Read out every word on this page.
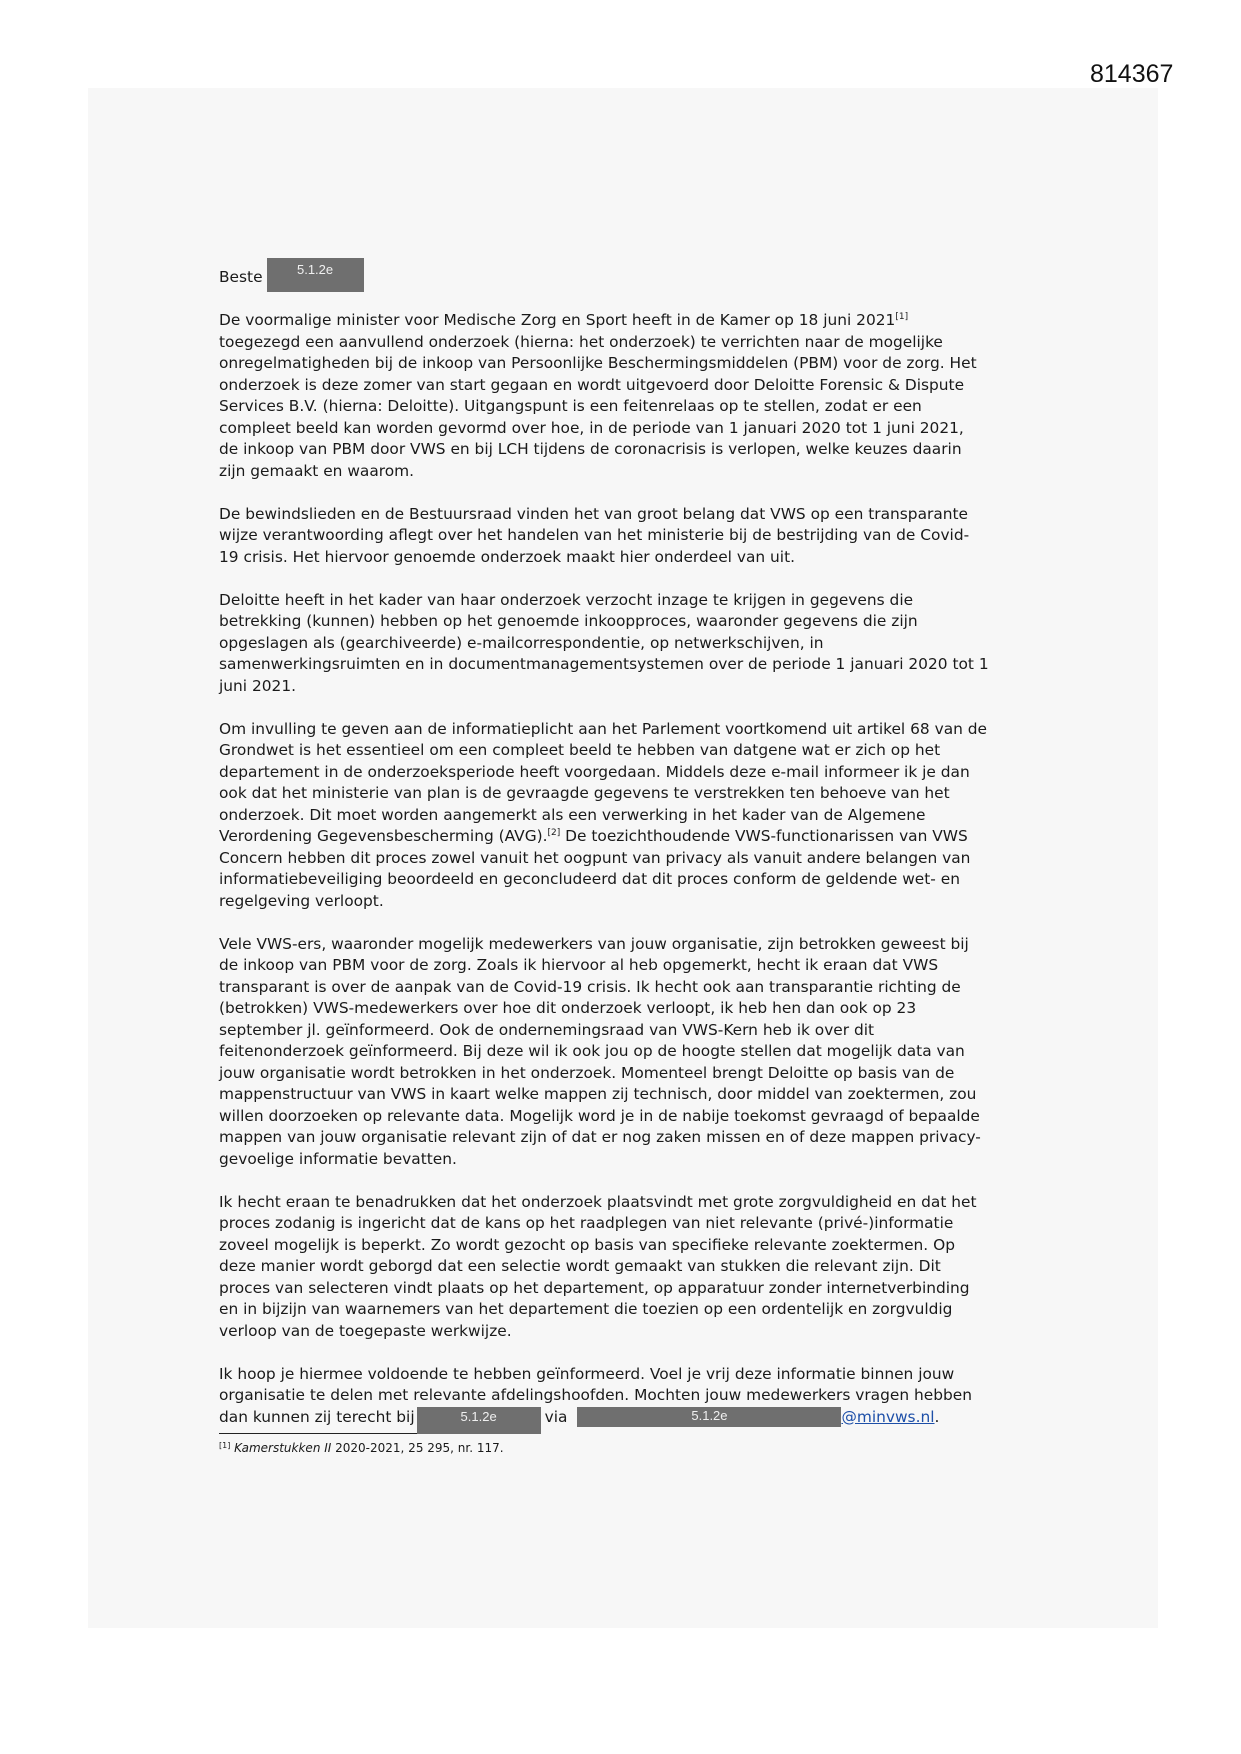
814367
Beste	5.1.2e

De voormalige minister voor Medische Zorg en Sport heeft in de Kamer op 18 juni 2021[1]
toegezegd een aanvullend onderzoek (hierna: het onderzoek) te verrichten naar de mogelijke
onregelmatigheden bij de inkoop van Persoonlijke Beschermingsmiddelen (PBM) voor de zorg. Het
onderzoek is deze zomer van start gegaan en wordt uitgevoerd door Deloitte Forensic & Dispute
Services B.V. (hierna: Deloitte). Uitgangspunt is een feitenrelaas op te stellen, zodat er een
compleet beeld kan worden gevormd over hoe, in de periode van 1 januari 2020 tot 1 juni 2021,
de inkoop van PBM door VWS en bij LCH tijdens de coronacrisis is verlopen, welke keuzes daarin
zijn gemaakt en waarom.

De bewindslieden en de Bestuursraad vinden het van groot belang dat VWS op een transparante
wijze verantwoording aflegt over het handelen van het ministerie bij de bestrijding van de Covid-
19 crisis. Het hiervoor genoemde onderzoek maakt hier onderdeel van uit.

Deloitte heeft in het kader van haar onderzoek verzocht inzage te krijgen in gegevens die
betrekking (kunnen) hebben op het genoemde inkoopproces, waaronder gegevens die zijn
opgeslagen als (gearchiveerde) e-mailcorrespondentie, op netwerkschijven, in
samenwerkingsruimten en in documentmanagementsystemen over de periode 1 januari 2020 tot 1
juni 2021.

Om invulling te geven aan de informatieplicht aan het Parlement voortkomend uit artikel 68 van de
Grondwet is het essentieel om een compleet beeld te hebben van datgene wat er zich op het
departement in de onderzoeksperiode heeft voorgedaan. Middels deze e-mail informeer ik je dan
ook dat het ministerie van plan is de gevraagde gegevens te verstrekken ten behoeve van het
onderzoek. Dit moet worden aangemerkt als een verwerking in het kader van de Algemene
Verordening Gegevensbescherming (AVG).[2] De toezichthoudende VWS-functionarissen van VWS
Concern hebben dit proces zowel vanuit het oogpunt van privacy als vanuit andere belangen van
informatiebeveiliging beoordeeld en geconcludeerd dat dit proces conform de geldende wet- en
regelgeving verloopt.

Vele VWS-ers, waaronder mogelijk medewerkers van jouw organisatie, zijn betrokken geweest bij
de inkoop van PBM voor de zorg. Zoals ik hiervoor al heb opgemerkt, hecht ik eraan dat VWS
transparant is over de aanpak van de Covid-19 crisis. Ik hecht ook aan transparantie richting de
(betrokken) VWS-medewerkers over hoe dit onderzoek verloopt, ik heb hen dan ook op 23
september jl. geïnformeerd. Ook de ondernemingsraad van VWS-Kern heb ik over dit
feitenonderzoek geïnformeerd. Bij deze wil ik ook jou op de hoogte stellen dat mogelijk data van
jouw organisatie wordt betrokken in het onderzoek. Momenteel brengt Deloitte op basis van de
mappenstructuur van VWS in kaart welke mappen zij technisch, door middel van zoektermen, zou
willen doorzoeken op relevante data. Mogelijk word je in de nabije toekomst gevraagd of bepaalde
mappen van jouw organisatie relevant zijn of dat er nog zaken missen en of deze mappen privacy-
gevoelige informatie bevatten.

Ik hecht eraan te benadrukken dat het onderzoek plaatsvindt met grote zorgvuldigheid en dat het
proces zodanig is ingericht dat de kans op het raadplegen van niet relevante (privé-)informatie
zoveel mogelijk is beperkt. Zo wordt gezocht op basis van specifieke relevante zoektermen. Op
deze manier wordt geborgd dat een selectie wordt gemaakt van stukken die relevant zijn. Dit
proces van selecteren vindt plaats op het departement, op apparatuur zonder internetverbinding
en in bijzijn van waarnemers van het departement die toezien op een ordentelijk en zorgvuldig
verloop van de toegepaste werkwijze.

Ik hoop je hiermee voldoende te hebben geïnformeerd. Voel je vrij deze informatie binnen jouw
organisatie te delen met relevante afdelingshoofden. Mochten jouw medewerkers vragen hebben
dan kunnen zij terecht bij	5.1.2e	via	5.1.2e	@minvws.nl .
[1] Kamerstukken II 2020-2021, 25 295, nr. 117.
